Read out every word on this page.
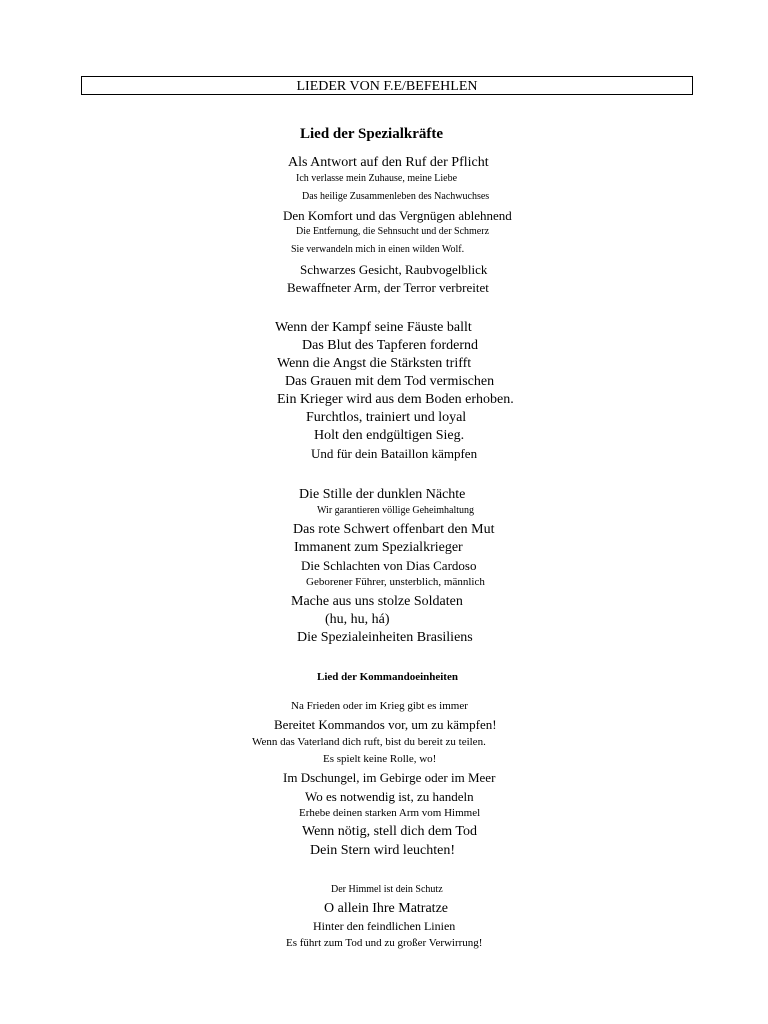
LIEDER VON F.E/BEFEHLEN
Lied der Spezialkräfte
Als Antwort auf den Ruf der Pflicht
Ich verlasse mein Zuhause, meine Liebe
Das heilige Zusammenleben des Nachwuchses
Den Komfort und das Vergnügen ablehnend
Die Entfernung, die Sehnsucht und der Schmerz
Sie verwandeln mich in einen wilden Wolf.
Schwarzes Gesicht, Raubvogelblick
Bewaffneter Arm, der Terror verbreitet
Wenn der Kampf seine Fäuste ballt
Das Blut des Tapferen fordernd
Wenn die Angst die Stärksten trifft
Das Grauen mit dem Tod vermischen
Ein Krieger wird aus dem Boden erhoben.
Furchtlos, trainiert und loyal
Holt den endgültigen Sieg.
Und für dein Bataillon kämpfen
Die Stille der dunklen Nächte
Wir garantieren völlige Geheimhaltung
Das rote Schwert offenbart den Mut
Immanent zum Spezialkrieger
Die Schlachten von Dias Cardoso
Geborener Führer, unsterblich, männlich
Mache aus uns stolze Soldaten
(hu, hu, há)
Die Spezialeinheiten Brasiliens
Lied der Kommandoeinheiten
Na Frieden oder im Krieg gibt es immer
Bereitet Kommandos vor, um zu kämpfen!
Wenn das Vaterland dich ruft, bist du bereit zu teilen.
Es spielt keine Rolle, wo!
Im Dschungel, im Gebirge oder im Meer
Wo es notwendig ist, zu handeln
Erhebe deinen starken Arm vom Himmel
Wenn nötig, stell dich dem Tod
Dein Stern wird leuchten!
Der Himmel ist dein Schutz
O allein Ihre Matratze
Hinter den feindlichen Linien
Es führt zum Tod und zu großer Verwirrung!
